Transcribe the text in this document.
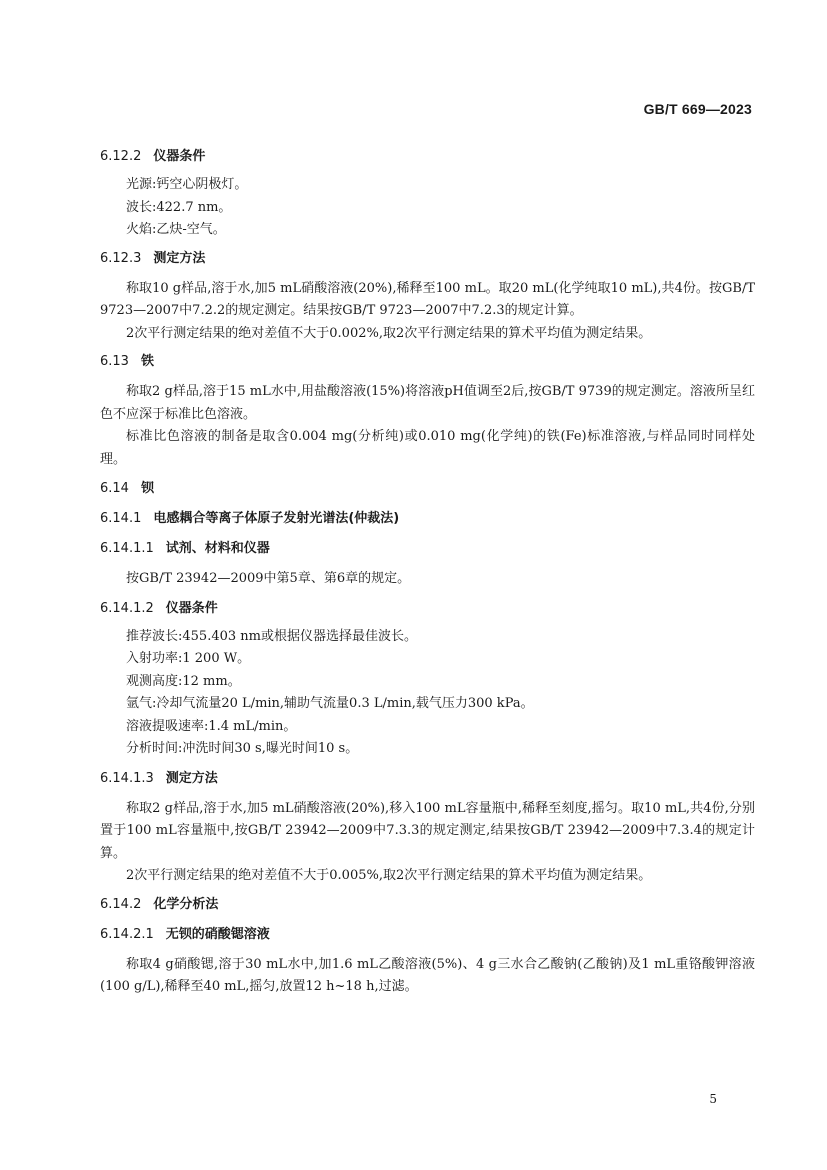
GB/T 669—2023
6.12.2 仪器条件

光源:钙空心阴极灯。

波长:422.7 nm。

火焰:乙炔-空气。

6.12.3 测定方法

称取10 g样品,溶于水,加5 mL硝酸溶液(20%),稀释至100 mL。取20 mL(化学纯取10 mL),共4份。按GB/T 9723—2007中7.2.2的规定测定。结果按GB/T 9723—2007中7.2.3的规定计算。

2次平行测定结果的绝对差值不大于0.002%,取2次平行测定结果的算术平均值为测定结果。

6.13 铁

称取2 g样品,溶于15 mL水中,用盐酸溶液(15%)将溶液pH值调至2后,按GB/T 9739的规定测定。溶液所呈红色不应深于标准比色溶液。

标准比色溶液的制备是取含0.004 mg(分析纯)或0.010 mg(化学纯)的铁(Fe)标准溶液,与样品同时同样处理。

6.14 钡
6.14.1 电感耦合等离子体原子发射光谱法(仲裁法)
6.14.1.1 试剂、材料和仪器

按GB/T 23942—2009中第5章、第6章的规定。

6.14.1.2 仪器条件

推荐波长:455.403 nm或根据仪器选择最佳波长。

入射功率:1 200 W。

观测高度:12 mm。

氩气:冷却气流量20 L/min,辅助气流量0.3 L/min,载气压力300 kPa。

溶液提吸速率:1.4 mL/min。

分析时间:冲洗时间30 s,曝光时间10 s。

6.14.1.3 测定方法

称取2 g样品,溶于水,加5 mL硝酸溶液(20%),移入100 mL容量瓶中,稀释至刻度,摇匀。取10 mL,共4份,分别置于100 mL容量瓶中,按GB/T 23942—2009中7.3.3的规定测定,结果按GB/T 23942—2009中7.3.4的规定计算。

2次平行测定结果的绝对差值不大于0.005%,取2次平行测定结果的算术平均值为测定结果。

6.14.2 化学分析法
6.14.2.1 无钡的硝酸锶溶液

称取4 g硝酸锶,溶于30 mL水中,加1.6 mL乙酸溶液(5%)、4 g三水合乙酸钠(乙酸钠)及1 mL重铬酸钾溶液(100 g/L),稀释至40 mL,摇匀,放置12 h~18 h,过滤。

5
